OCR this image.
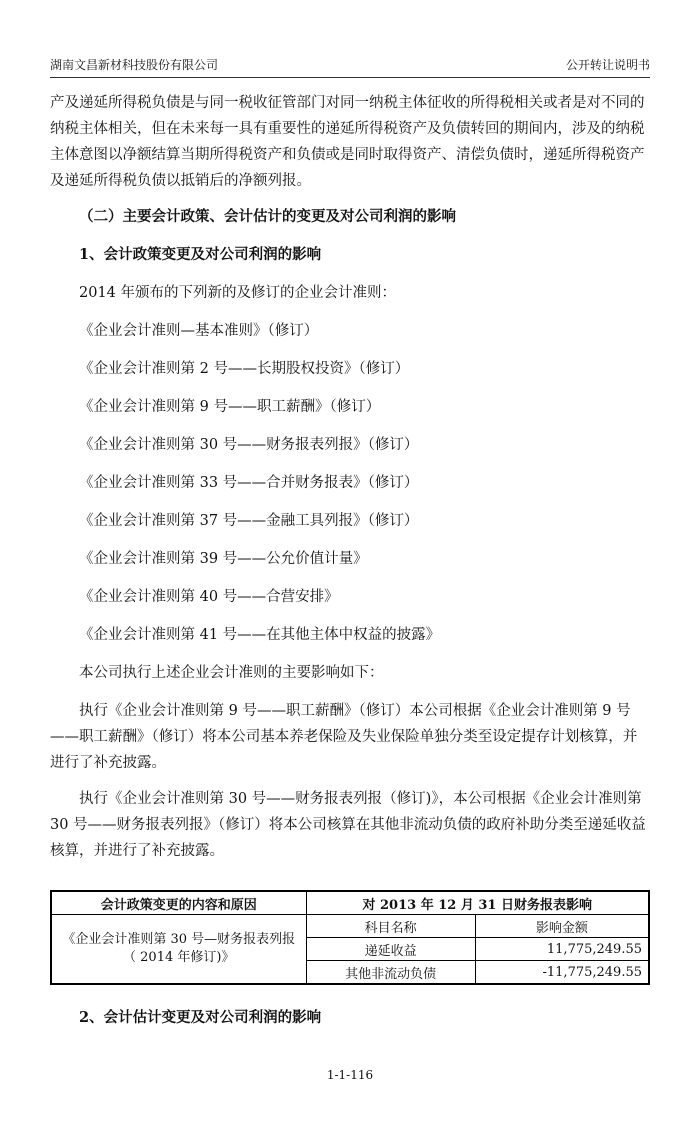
湖南文昌新材科技股份有限公司	公开转让说明书

产及递延所得税负债是与同一税收征管部门对同一纳税主体征收的所得税相关或者是对不同的纳税主体相关，但在未来每一具有重要性的递延所得税资产及负债转回的期间内，涉及的纳税主体意图以净额结算当期所得税资产和负债或是同时取得资产、清偿负债时，递延所得税资产及递延所得税负债以抵销后的净额列报。

（二）主要会计政策、会计估计的变更及对公司利润的影响

1、会计政策变更及对公司利润的影响

2014 年颁布的下列新的及修订的企业会计准则：

《企业会计准则—基本准则》（修订）

《企业会计准则第 2 号——长期股权投资》（修订）

《企业会计准则第 9 号——职工薪酬》（修订）

《企业会计准则第 30 号——财务报表列报》（修订）

《企业会计准则第 33 号——合并财务报表》（修订）

《企业会计准则第 37 号——金融工具列报》（修订）

《企业会计准则第 39 号——公允价值计量》

《企业会计准则第 40 号——合营安排》

《企业会计准则第 41 号——在其他主体中权益的披露》

本公司执行上述企业会计准则的主要影响如下：

执行《企业会计准则第 9 号——职工薪酬》（修订）本公司根据《企业会计准则第 9 号——职工薪酬》（修订）将本公司基本养老保险及失业保险单独分类至设定提存计划核算，并进行了补充披露。

执行《企业会计准则第 30 号——财务报表列报（修订)》，本公司根据《企业会计准则第 30 号——财务报表列报》（修订）将本公司核算在其他非流动负债的政府补助分类至递延收益核算，并进行了补充披露。

会计政策变更的内容和原因	对 2013 年 12 月 31 日财务报表影响	
《企业会计准则第 30 号—财务报表列报（ 2014 年修订)》	科目名称	影响金额
	递延收益	11,775,249.55
	其他非流动负债	-11,775,249.55

2、会计估计变更及对公司利润的影响

1-1-116
